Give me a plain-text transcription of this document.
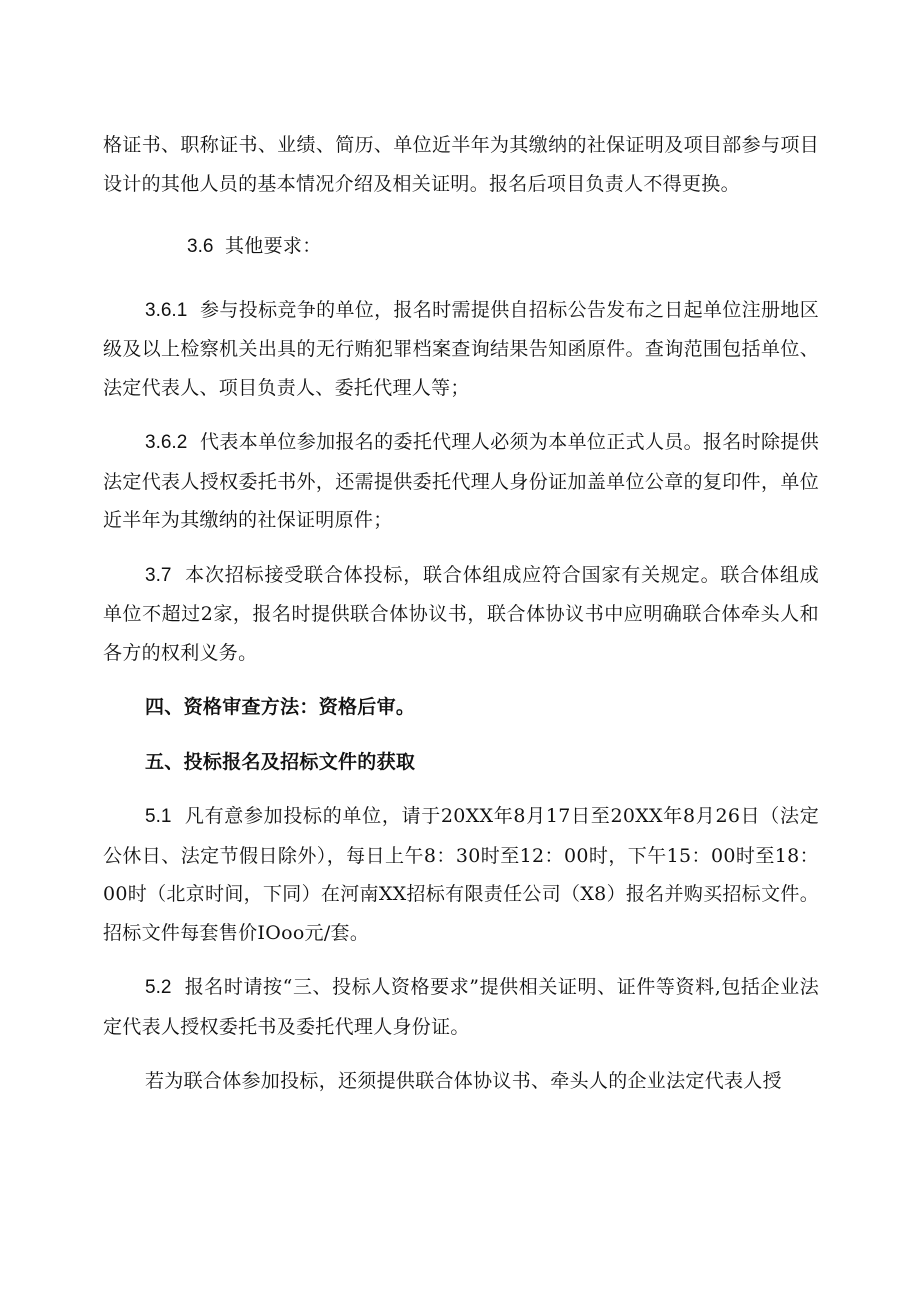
格证书、职称证书、业绩、简历、单位近半年为其缴纳的社保证明及项目部参与项目设计的其他人员的基本情况介绍及相关证明。报名后项目负责人不得更换。

3.6 其他要求：

3.6.1 参与投标竞争的单位，报名时需提供自招标公告发布之日起单位注册地区级及以上检察机关出具的无行贿犯罪档案查询结果告知函原件。查询范围包括单位、法定代表人、项目负责人、委托代理人等；

3.6.2 代表本单位参加报名的委托代理人必须为本单位正式人员。报名时除提供法定代表人授权委托书外，还需提供委托代理人身份证加盖单位公章的复印件，单位近半年为其缴纳的社保证明原件；

3.7 本次招标接受联合体投标，联合体组成应符合国家有关规定。联合体组成单位不超过2家，报名时提供联合体协议书，联合体协议书中应明确联合体牵头人和各方的权利义务。

四、资格审查方法：资格后审。

五、投标报名及招标文件的获取

5.1 凡有意参加投标的单位，请于20XX年8月17日至20XX年8月26日（法定公休日、法定节假日除外），每日上午8：30时至12：00时，下午15：00时至18：00时（北京时间，下同）在河南XX招标有限责任公司（X8）报名并购买招标文件。招标文件每套售价IOoo元/套。

5.2 报名时请按“三、投标人资格要求”提供相关证明、证件等资料,包括企业法定代表人授权委托书及委托代理人身份证。

若为联合体参加投标，还须提供联合体协议书、牵头人的企业法定代表人授
